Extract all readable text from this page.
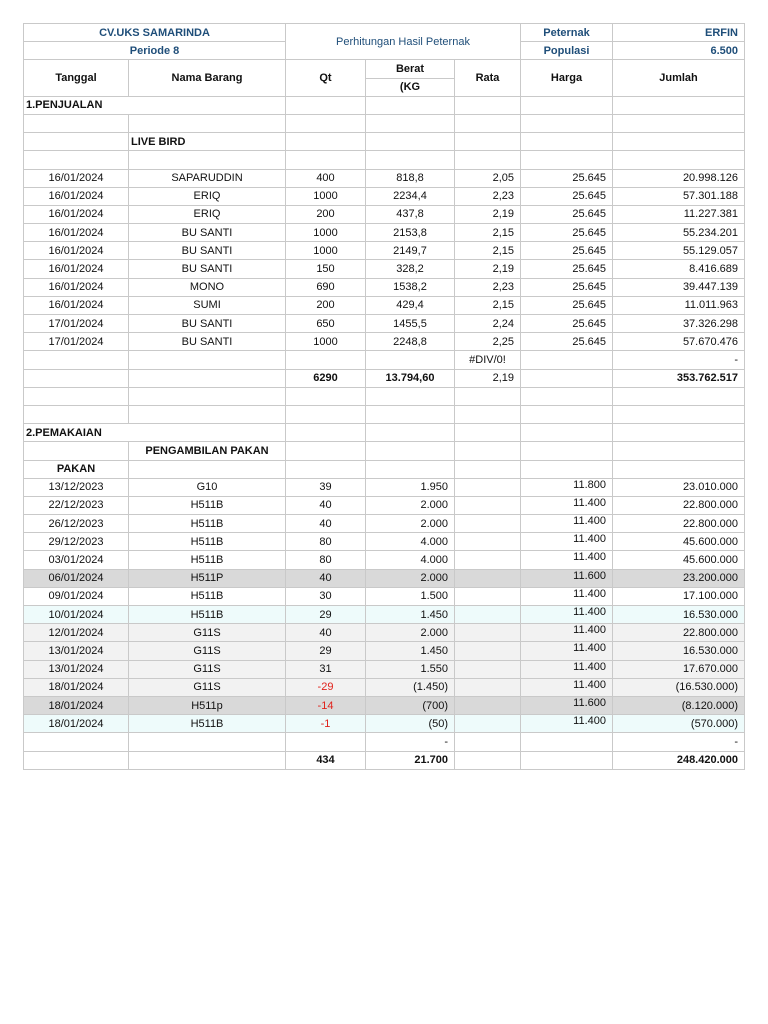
CV.UKS SAMARINDA		Perhitungan Hasil Peternak			Peternak	ERFIN
Periode 8					Populasi	6.500
Tanggal	Nama Barang	Qt	Berat	Rata	Harga	Jumlah
			(KG			
1.PENJUALAN						

	LIVE BIRD					

16/01/2024	SAPARUDDIN	400	818,8	2,05	25.645	20.998.126
16/01/2024	ERIQ	1000	2234,4	2,23	25.645	57.301.188
16/01/2024	ERIQ	200	437,8	2,19	25.645	11.227.381
16/01/2024	BU SANTI	1000	2153,8	2,15	25.645	55.234.201
16/01/2024	BU SANTI	1000	2149,7	2,15	25.645	55.129.057
16/01/2024	BU SANTI	150	328,2	2,19	25.645	8.416.689
16/01/2024	MONO	690	1538,2	2,23	25.645	39.447.139
16/01/2024	SUMI	200	429,4	2,15	25.645	11.011.963
17/01/2024	BU SANTI	650	1455,5	2,24	25.645	37.326.298
17/01/2024	BU SANTI	1000	2248,8	2,25	25.645	57.670.476
				#DIV/0!		-
		6290	13.794,60	2,19		353.762.517

2.PEMAKAIAN						
	PENGAMBILAN PAKAN					
PAKAN						
13/12/2023	G10	39	1.950		11.800	23.010.000
22/12/2023	H511B	40	2.000		11.400	22.800.000
26/12/2023	H511B	40	2.000		11.400	22.800.000
29/12/2023	H511B	80	4.000		11.400	45.600.000
03/01/2024	H511B	80	4.000		11.400	45.600.000
06/01/2024	H511P	40	2.000		11.600	23.200.000
09/01/2024	H511B	30	1.500		11.400	17.100.000
10/01/2024	H511B	29	1.450		11.400	16.530.000
12/01/2024	G11S	40	2.000		11.400	22.800.000
13/01/2024	G11S	29	1.450		11.400	16.530.000
13/01/2024	G11S	31	1.550		11.400	17.670.000
18/01/2024	G11S	-29	(1.450)		11.400	(16.530.000)
18/01/2024	H511p	-14	(700)		11.600	(8.120.000)
18/01/2024	H511B	-1	(50)		11.400	(570.000)
			-			-
		434	21.700			248.420.000
